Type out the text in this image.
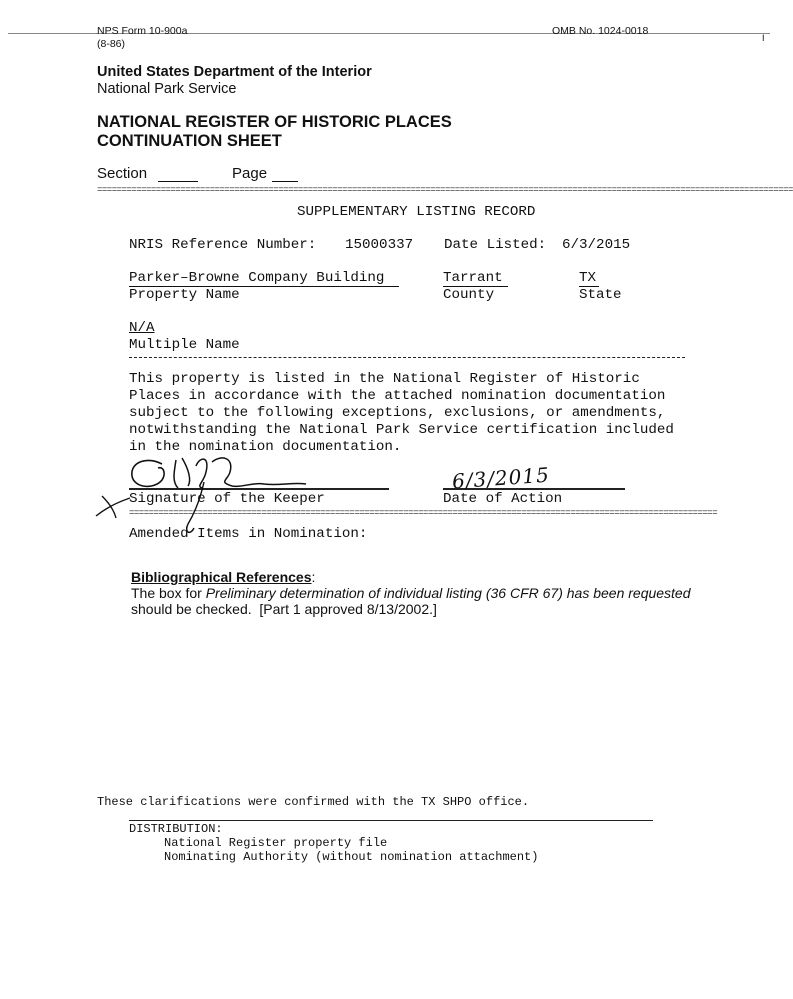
NPS Form 10-900a
(8-86)
OMB No. 1024-0018
I
United States Department of the Interior
National Park Service
NATIONAL REGISTER OF HISTORIC PLACES
CONTINUATION SHEET
Section	Page
==============================================================================================================================================
SUPPLEMENTARY LISTING RECORD
NRIS Reference Number: 15000337 Date Listed: 6/3/2015
Parker–Browne Company Building	Tarrant	TX
Property Name	County	State
N/A
Multiple Name
This property is listed in the National Register of Historic
Places in accordance with the attached nomination documentation
subject to the following exceptions, exclusions, or amendments,
notwithstanding the National Park Service certification included
in the nomination documentation.
6/3/2015
Signature of the Keeper	Date of Action
========================================================================================================================
Amended Items in Nomination:
Bibliographical References:
The box for Preliminary determination of individual listing (36 CFR 67) has been requested
should be checked.  [Part 1 approved 8/13/2002.]
These clarifications were confirmed with the TX SHPO office.
DISTRIBUTION:
National Register property file
Nominating Authority (without nomination attachment)
